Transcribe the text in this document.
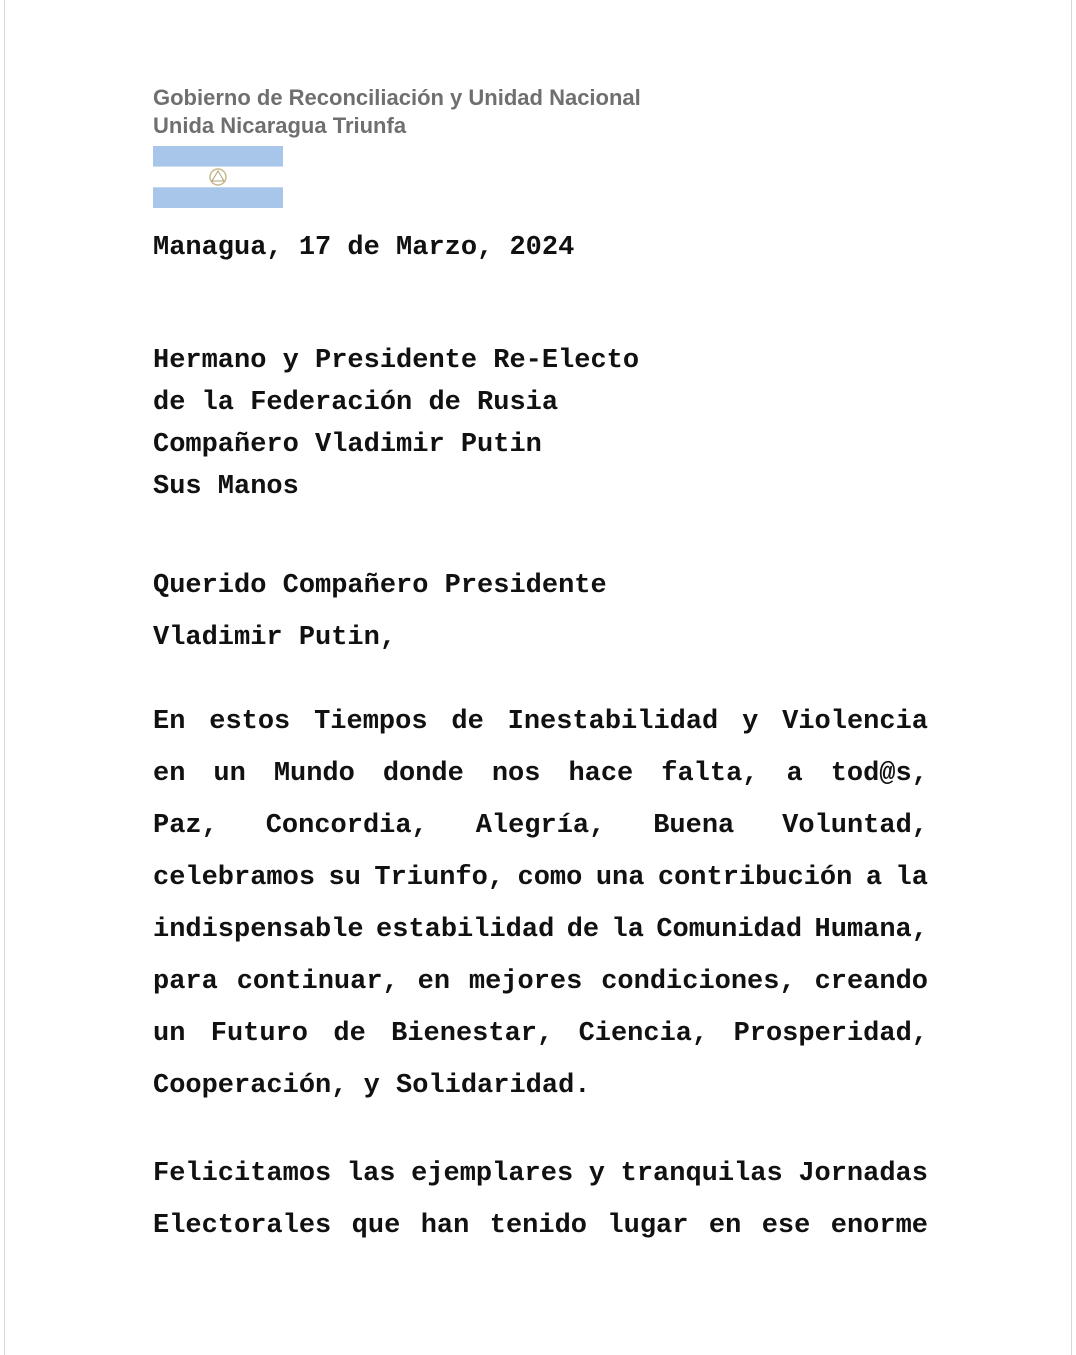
Gobierno de Reconciliación y Unidad Nacional
Unida Nicaragua Triunfa
Managua, 17 de Marzo, 2024
Hermano y Presidente Re-Electo
de la Federación de Rusia
Compañero Vladimir Putin
Sus Manos
Querido Compañero Presidente
Vladimir Putin,
En estos Tiempos de Inestabilidad y Violencia
en un Mundo donde nos hace falta, a tod@s,
Paz, Concordia, Alegría, Buena Voluntad,
celebramos su Triunfo, como una contribución a la
indispensable estabilidad de la Comunidad Humana,
para continuar, en mejores condiciones, creando
un Futuro de Bienestar, Ciencia, Prosperidad,
Cooperación, y Solidaridad.
Felicitamos las ejemplares y tranquilas Jornadas
Electorales que han tenido lugar en ese enorme
